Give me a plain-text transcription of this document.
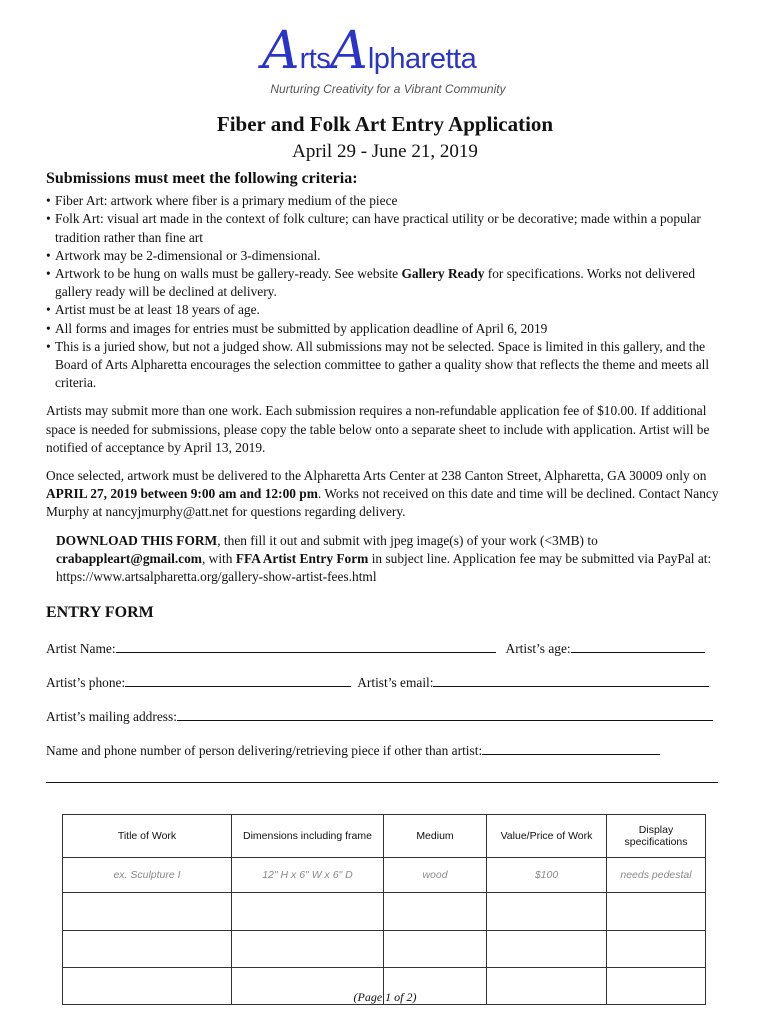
ArtsAlpharetta
Nurturing Creativity for a Vibrant Community
Fiber and Folk Art Entry Application
April 29 - June 21, 2019
Submissions must meet the following criteria:
• Fiber Art: artwork where fiber is a primary medium of the piece
• Folk Art: visual art made in the context of folk culture; can have practical utility or be decorative; made within a popular tradition rather than fine art
• Artwork may be 2-dimensional or 3-dimensional.
• Artwork to be hung on walls must be gallery-ready. See website Gallery Ready for specifications. Works not delivered gallery ready will be declined at delivery.
• Artist must be at least 18 years of age.
• All forms and images for entries must be submitted by application deadline of April 6, 2019
• This is a juried show, but not a judged show. All submissions may not be selected. Space is limited in this gallery, and the Board of Arts Alpharetta encourages the selection committee to gather a quality show that reflects the theme and meets all criteria.

Artists may submit more than one work. Each submission requires a non-refundable application fee of $10.00. If additional space is needed for submissions, please copy the table below onto a separate sheet to include with application. Artist will be notified of acceptance by April 13, 2019.

Once selected, artwork must be delivered to the Alpharetta Arts Center at 238 Canton Street, Alpharetta, GA 30009 only on APRIL 27, 2019 between 9:00 am and 12:00 pm. Works not received on this date and time will be declined. Contact Nancy Murphy at nancyjmurphy@att.net for questions regarding delivery.

DOWNLOAD THIS FORM, then fill it out and submit with jpeg image(s) of your work (<3MB) to crabappleart@gmail.com, with FFA Artist Entry Form in subject line. Application fee may be submitted via PayPal at: https://www.artsalpharetta.org/gallery-show-artist-fees.html

ENTRY FORM
Artist Name:	Artist’s age:
Artist’s phone:	Artist’s email:
Artist’s mailing address:
Name and phone number of person delivering/retrieving piece if other than artist:
Title of Work	Dimensions including frame	Medium	Value/Price of Work	Display specifications
ex. Sculpture I	12" H x 6" W x 6" D	wood	$100	needs pedestal

(Page 1 of 2)
